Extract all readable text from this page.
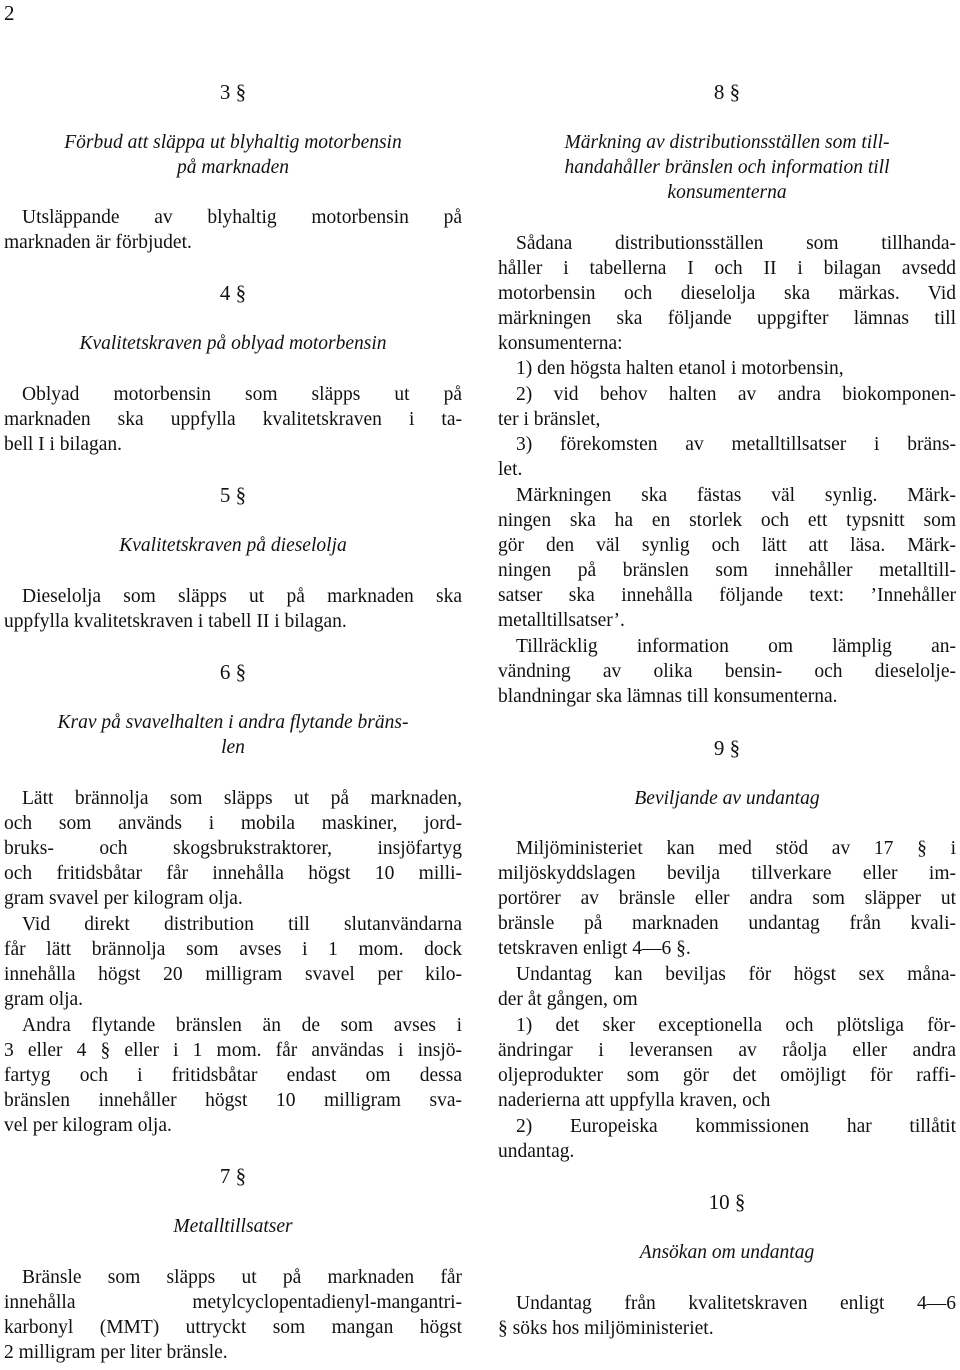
2
3 §
Förbud att släppa ut blyhaltig motorbensin
på marknaden
Utsläppande av blyhaltig motorbensin på
marknaden är förbjudet.
4 §
Kvalitetskraven på oblyad motorbensin
Oblyad motorbensin som släpps ut på
marknaden ska uppfylla kvalitetskraven i ta-
bell I i bilagan.
5 §
Kvalitetskraven på dieselolja
Dieselolja som släpps ut på marknaden ska
uppfylla kvalitetskraven i tabell II i bilagan.
6 §
Krav på svavelhalten i andra flytande bräns-
len
Lätt brännolja som släpps ut på marknaden,
och som används i mobila maskiner, jord-
bruks- och skogsbrukstraktorer, insjöfartyg
och fritidsbåtar får innehålla högst 10 milli-
gram svavel per kilogram olja.
Vid direkt distribution till slutanvändarna
får lätt brännolja som avses i 1 mom. dock
innehålla högst 20 milligram svavel per kilo-
gram olja.
Andra flytande bränslen än de som avses i
3 eller 4 § eller i 1 mom. får användas i insjö-
fartyg och i fritidsbåtar endast om dessa
bränslen innehåller högst 10 milligram sva-
vel per kilogram olja.
7 §
Metalltillsatser
Bränsle som släpps ut på marknaden får
innehålla metylcyclopentadienyl-mangantri-
karbonyl (MMT) uttryckt som mangan högst
2 milligram per liter bränsle.
8 §
Märkning av distributionsställen som till-
handahåller bränslen och information till
konsumenterna
Sådana distributionsställen som tillhanda-
håller i tabellerna I och II i bilagan avsedd
motorbensin och dieselolja ska märkas. Vid
märkningen ska följande uppgifter lämnas till
konsumenterna:
1) den högsta halten etanol i motorbensin,
2) vid behov halten av andra biokomponen-
ter i bränslet,
3) förekomsten av metalltillsatser i bräns-
let.
Märkningen ska fästas väl synlig. Märk-
ningen ska ha en storlek och ett typsnitt som
gör den väl synlig och lätt att läsa. Märk-
ningen på bränslen som innehåller metalltill-
satser ska innehålla följande text: ’Innehåller
metalltillsatser’.
Tillräcklig information om lämplig an-
vändning av olika bensin- och dieselolje-
blandningar ska lämnas till konsumenterna.
9 §
Beviljande av undantag
Miljöministeriet kan med stöd av 17 § i
miljöskyddslagen bevilja tillverkare eller im-
portörer av bränsle eller andra som släpper ut
bränsle på marknaden undantag från kvali-
tetskraven enligt 4—6 §.
Undantag kan beviljas för högst sex måna-
der åt gången, om
1) det sker exceptionella och plötsliga för-
ändringar i leveransen av råolja eller andra
oljeprodukter som gör det omöjligt för raffi-
naderierna att uppfylla kraven, och
2) Europeiska kommissionen har tillåtit
undantag.
10 §
Ansökan om undantag
Undantag från kvalitetskraven enligt 4—6
§ söks hos miljöministeriet.
